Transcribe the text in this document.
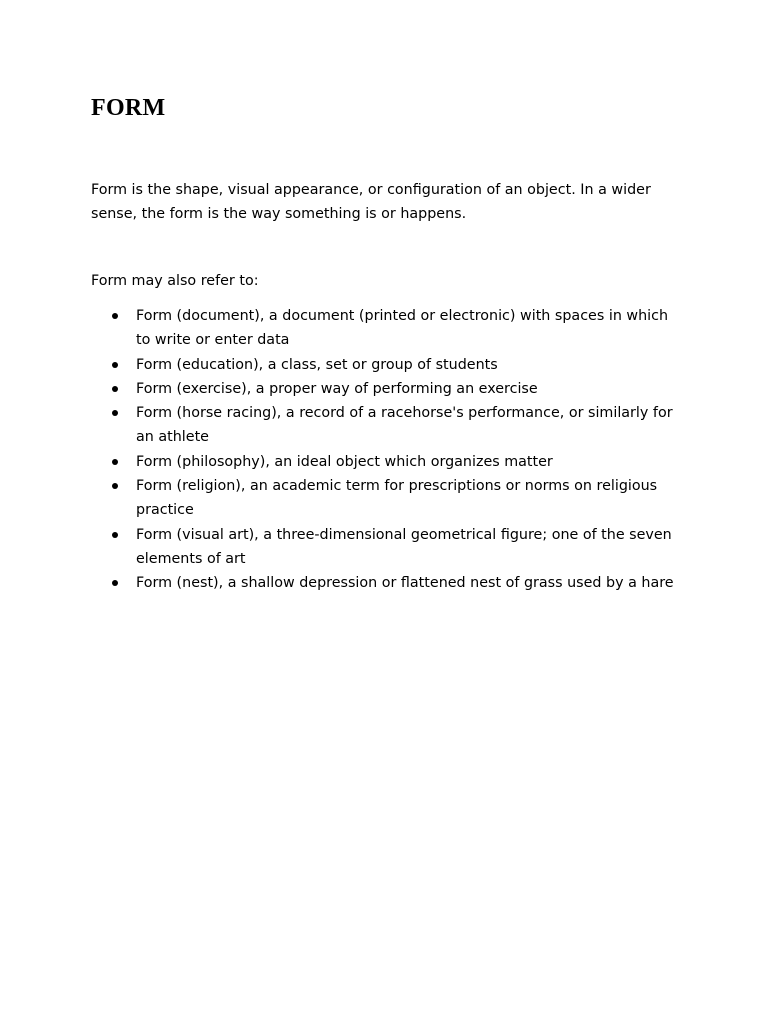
FORM

Form is the shape, visual appearance, or configuration of an object. In a wider
sense, the form is the way something is or happens.

Form may also refer to:

Form (document), a document (printed or electronic) with spaces in which
to write or enter data
Form (education), a class, set or group of students
Form (exercise), a proper way of performing an exercise
Form (horse racing), a record of a racehorse's performance, or similarly for
an athlete
Form (philosophy), an ideal object which organizes matter
Form (religion), an academic term for prescriptions or norms on religious
practice
Form (visual art), a three-dimensional geometrical figure; one of the seven
elements of art
Form (nest), a shallow depression or flattened nest of grass used by a hare
